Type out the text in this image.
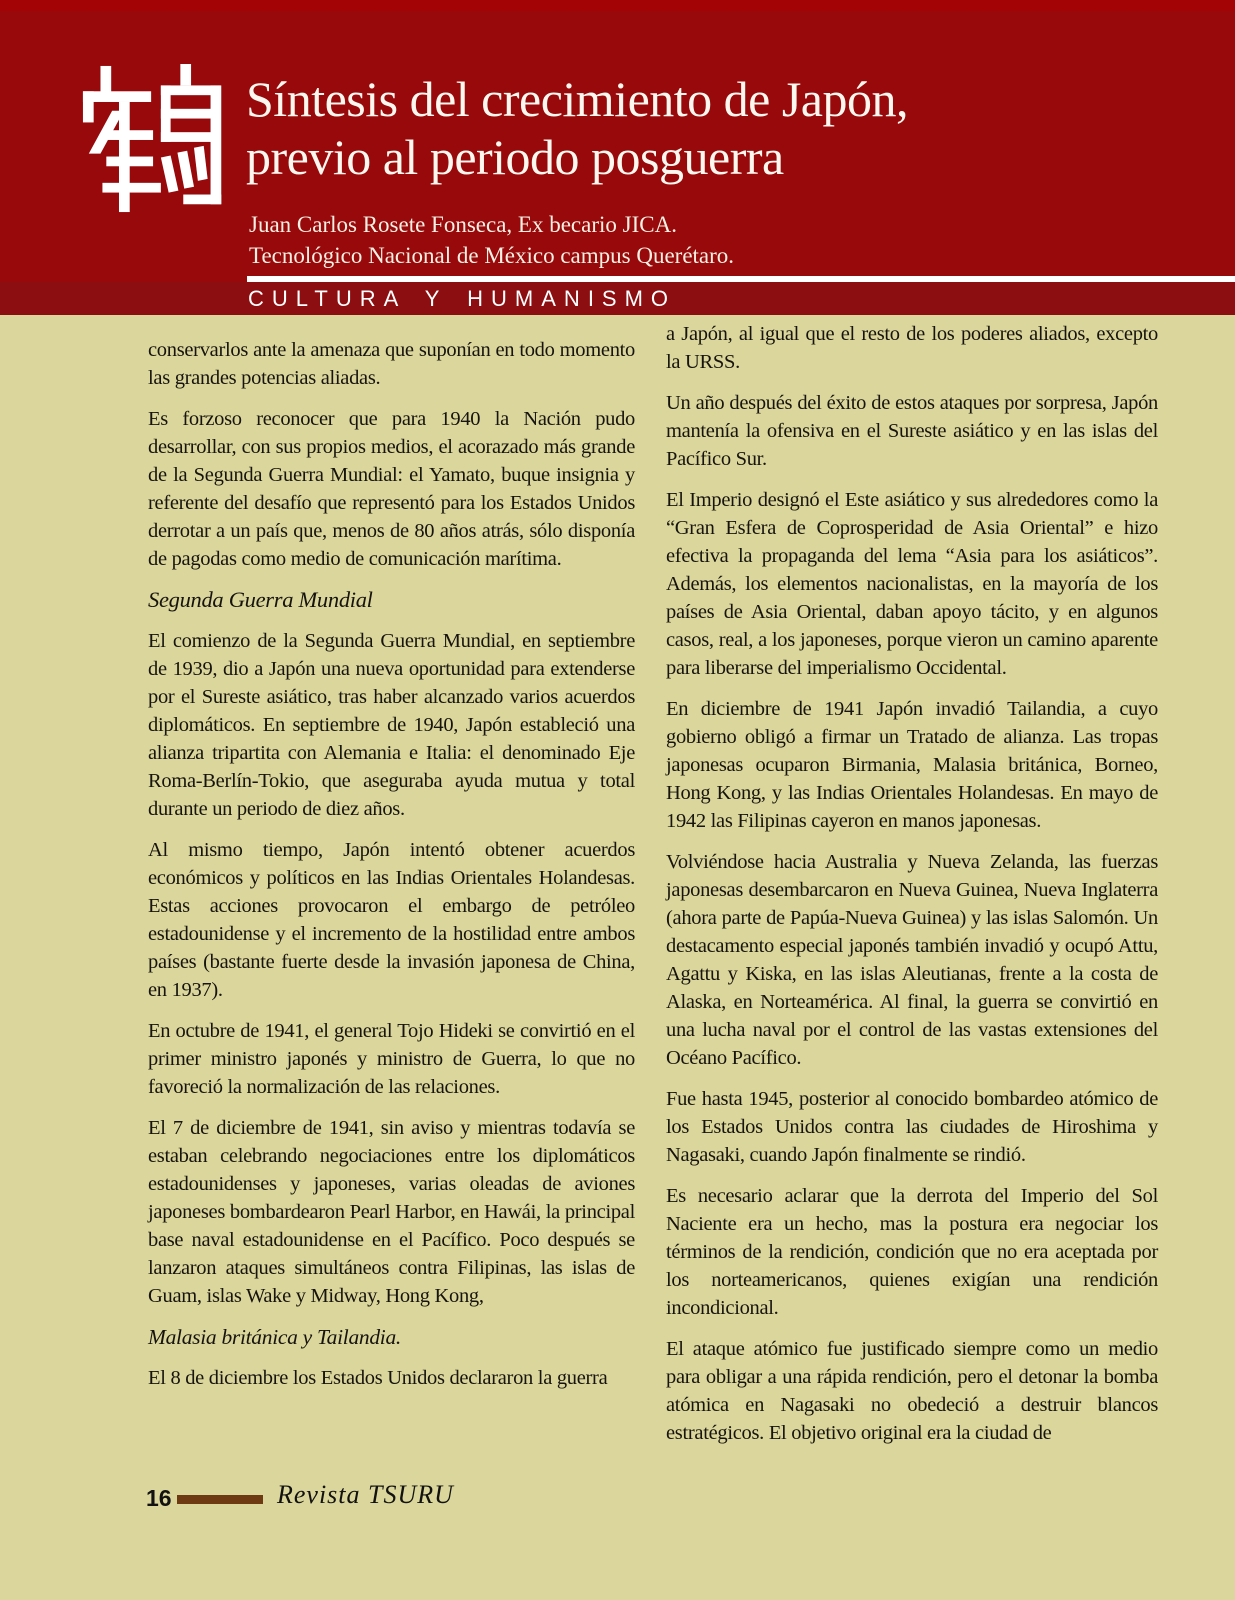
Síntesis del crecimiento de Japón,
previo al periodo posguerra
Juan Carlos Rosete Fonseca, Ex becario JICA.
Tecnológico Nacional de México campus Querétaro.
CULTURA Y HUMANISMO

conservarlos ante la amenaza que suponían en todo momento las grandes potencias aliadas.

Es forzoso reconocer que para 1940 la Nación pudo desarrollar, con sus propios medios, el acorazado más grande de la Segunda Guerra Mundial: el Yamato, buque insignia y referente del desafío que representó para los Estados Unidos derrotar a un país que, menos de 80 años atrás, sólo disponía de pagodas como medio de comunicación marítima.

Segunda Guerra Mundial

El comienzo de la Segunda Guerra Mundial, en septiembre de 1939, dio a Japón una nueva oportunidad para extenderse por el Sureste asiático, tras haber alcanzado varios acuerdos diplomáticos. En septiembre de 1940, Japón estableció una alianza tripartita con Alemania e Italia: el denominado Eje Roma-Berlín-Tokio, que aseguraba ayuda mutua y total durante un periodo de diez años.

Al mismo tiempo, Japón intentó obtener acuerdos económicos y políticos en las Indias Orientales Holandesas. Estas acciones provocaron el embargo de petróleo estadounidense y el incremento de la hostilidad entre ambos países (bastante fuerte desde la invasión japonesa de China, en 1937).

En octubre de 1941, el general Tojo Hideki se convirtió en el primer ministro japonés y ministro de Guerra, lo que no favoreció la normalización de las relaciones.

El 7 de diciembre de 1941, sin aviso y mientras todavía se estaban celebrando negociaciones entre los diplomáticos estadounidenses y japoneses, varias oleadas de aviones japoneses bombardearon Pearl Harbor, en Hawái, la principal base naval estadounidense en el Pacífico. Poco después se lanzaron ataques simultáneos contra Filipinas, las islas de Guam, islas Wake y Midway, Hong Kong,

Malasia británica y Tailandia.

El 8 de diciembre los Estados Unidos declararon la guerra

a Japón, al igual que el resto de los poderes aliados, excepto la URSS.

Un año después del éxito de estos ataques por sorpresa, Japón mantenía la ofensiva en el Sureste asiático y en las islas del Pacífico Sur.

El Imperio designó el Este asiático y sus alrededores como la “Gran Esfera de Coprosperidad de Asia Oriental” e hizo efectiva la propaganda del lema “Asia para los asiáticos”. Además, los elementos nacionalistas, en la mayoría de los países de Asia Oriental, daban apoyo tácito, y en algunos casos, real, a los japoneses, porque vieron un camino aparente para liberarse del imperialismo Occidental.

En diciembre de 1941 Japón invadió Tailandia, a cuyo gobierno obligó a firmar un Tratado de alianza. Las tropas japonesas ocuparon Birmania, Malasia británica, Borneo, Hong Kong, y las Indias Orientales Holandesas. En mayo de 1942 las Filipinas cayeron en manos japonesas.

Volviéndose hacia Australia y Nueva Zelanda, las fuerzas japonesas desembarcaron en Nueva Guinea, Nueva Inglaterra (ahora parte de Papúa-Nueva Guinea) y las islas Salomón. Un destacamento especial japonés también invadió y ocupó Attu, Agattu y Kiska, en las islas Aleutianas, frente a la costa de Alaska, en Norteamérica. Al final, la guerra se convirtió en una lucha naval por el control de las vastas extensiones del Océano Pacífico.

Fue hasta 1945, posterior al conocido bombardeo atómico de los Estados Unidos contra las ciudades de Hiroshima y Nagasaki, cuando Japón finalmente se rindió.

Es necesario aclarar que la derrota del Imperio del Sol Naciente era un hecho, mas la postura era negociar los términos de la rendición, condición que no era aceptada por los norteamericanos, quienes exigían una rendición incondicional.

El ataque atómico fue justificado siempre como un medio para obligar a una rápida rendición, pero el detonar la bomba atómica en Nagasaki no obedeció a destruir blancos estratégicos. El objetivo original era la ciudad de

16	Revista TSURU
